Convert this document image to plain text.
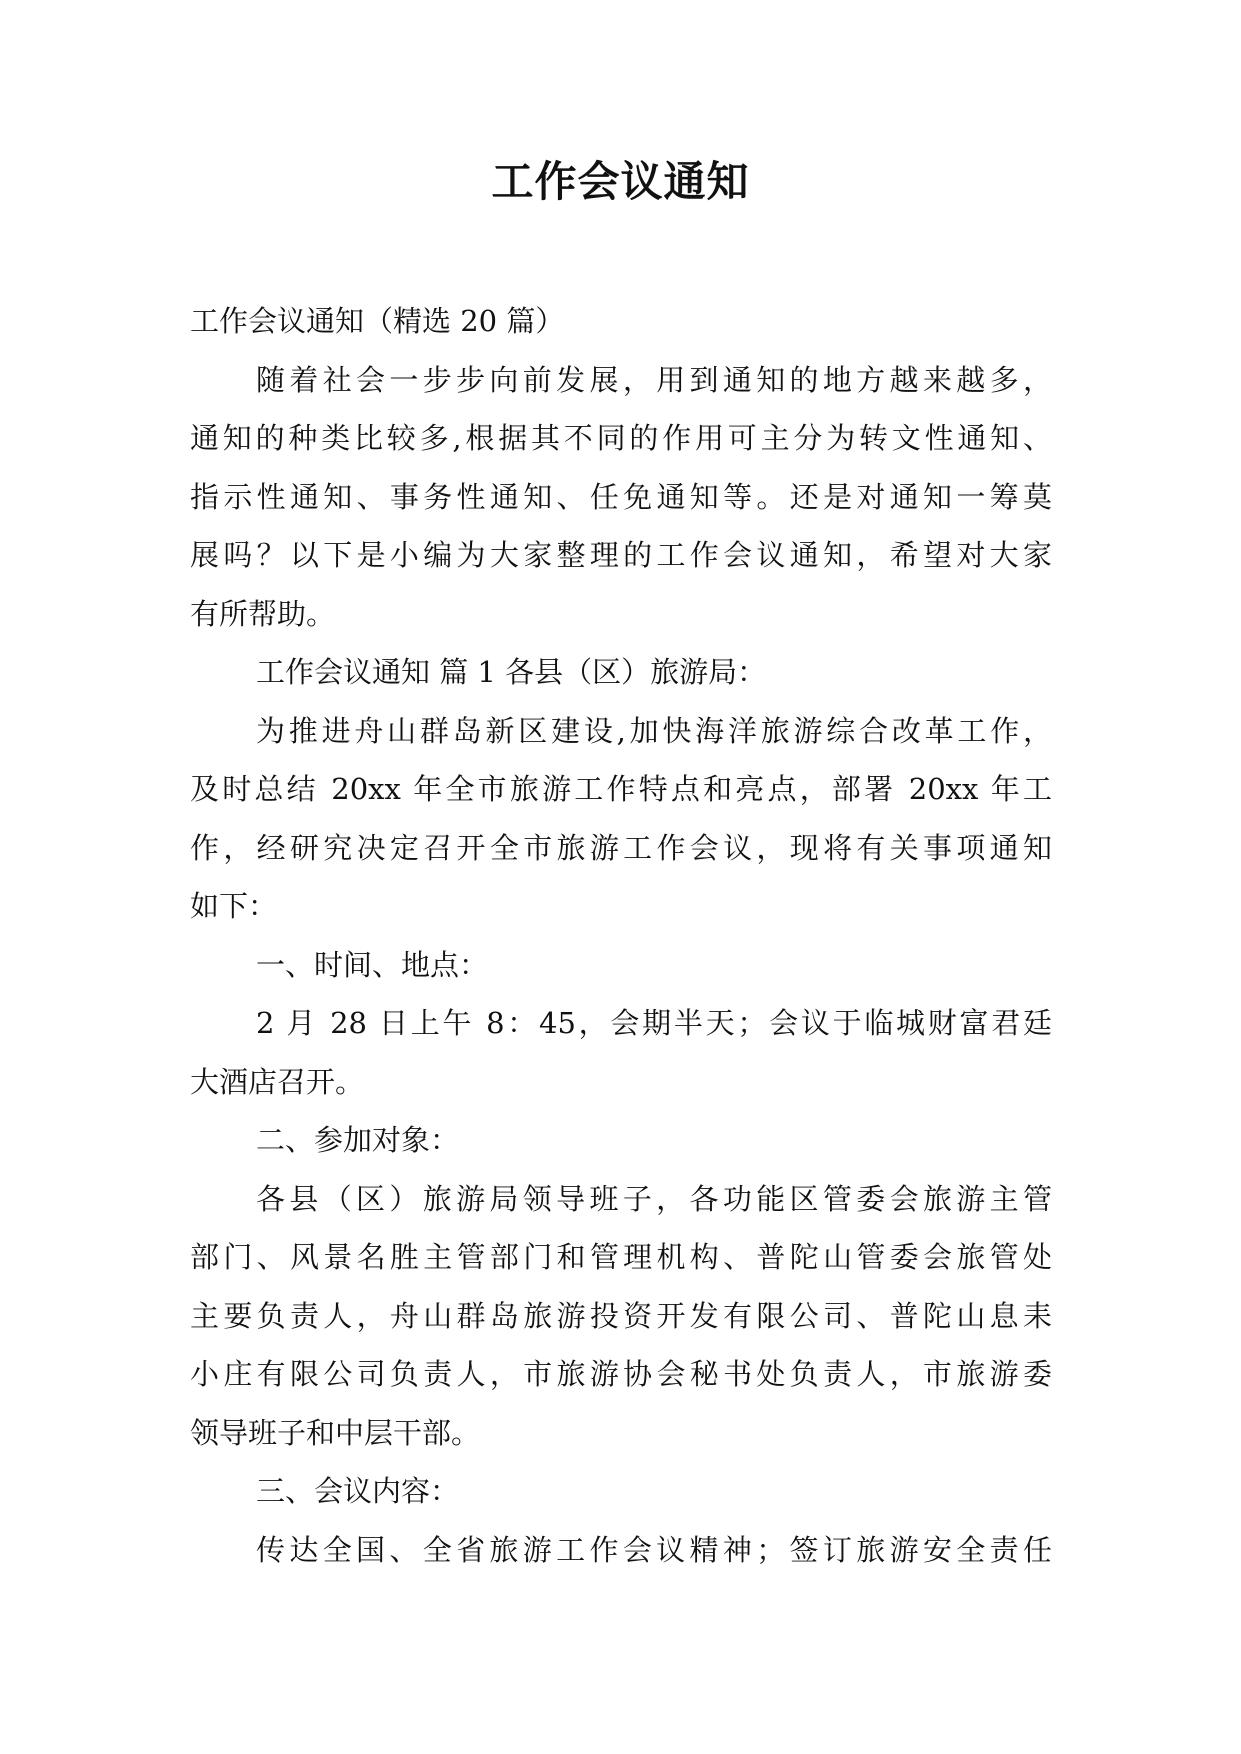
工作会议通知
工作会议通知（精选 20 篇）
随着社会一步步向前发展，用到通知的地方越来越多，
通知的种类比较多,根据其不同的作用可主分为转文性通知、
指示性通知、事务性通知、任免通知等。还是对通知一筹莫
展吗？以下是小编为大家整理的工作会议通知，希望对大家
有所帮助。
工作会议通知 篇 1 各县（区）旅游局：
为推进舟山群岛新区建设,加快海洋旅游综合改革工作，
及时总结 20xx 年全市旅游工作特点和亮点，部署 20xx 年工
作，经研究决定召开全市旅游工作会议，现将有关事项通知
如下：
一、时间、地点：
2 月 28 日上午 8：45，会期半天；会议于临城财富君廷
大酒店召开。
二、参加对象：
各县（区）旅游局领导班子，各功能区管委会旅游主管
部门、风景名胜主管部门和管理机构、普陀山管委会旅管处
主要负责人，舟山群岛旅游投资开发有限公司、普陀山息耒
小庄有限公司负责人，市旅游协会秘书处负责人，市旅游委
领导班子和中层干部。
三、会议内容：
传达全国、全省旅游工作会议精神；签订旅游安全责任
